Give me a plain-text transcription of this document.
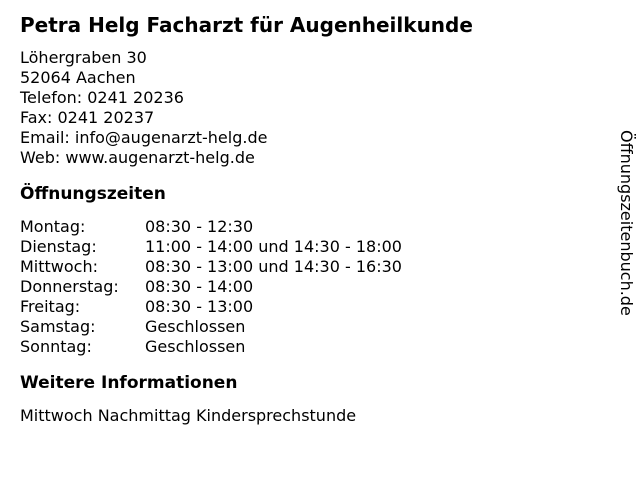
Petra Helg Facharzt für Augenheilkunde
Löhergraben 30
52064 Aachen
Telefon: 0241 20236
Fax: 0241 20237
Email: info@augenarzt-helg.de
Web: www.augenarzt-helg.de
Öffnungszeiten
Montag:	08:30 - 12:30
Dienstag:	11:00 - 14:00 und 14:30 - 18:00
Mittwoch:	08:30 - 13:00 und 14:30 - 16:30
Donnerstag:	08:30 - 14:00
Freitag:	08:30 - 13:00
Samstag:	Geschlossen
Sonntag:	Geschlossen
Weitere Informationen
Mittwoch Nachmittag Kindersprechstunde
Öffnungszeitenbuch.de
